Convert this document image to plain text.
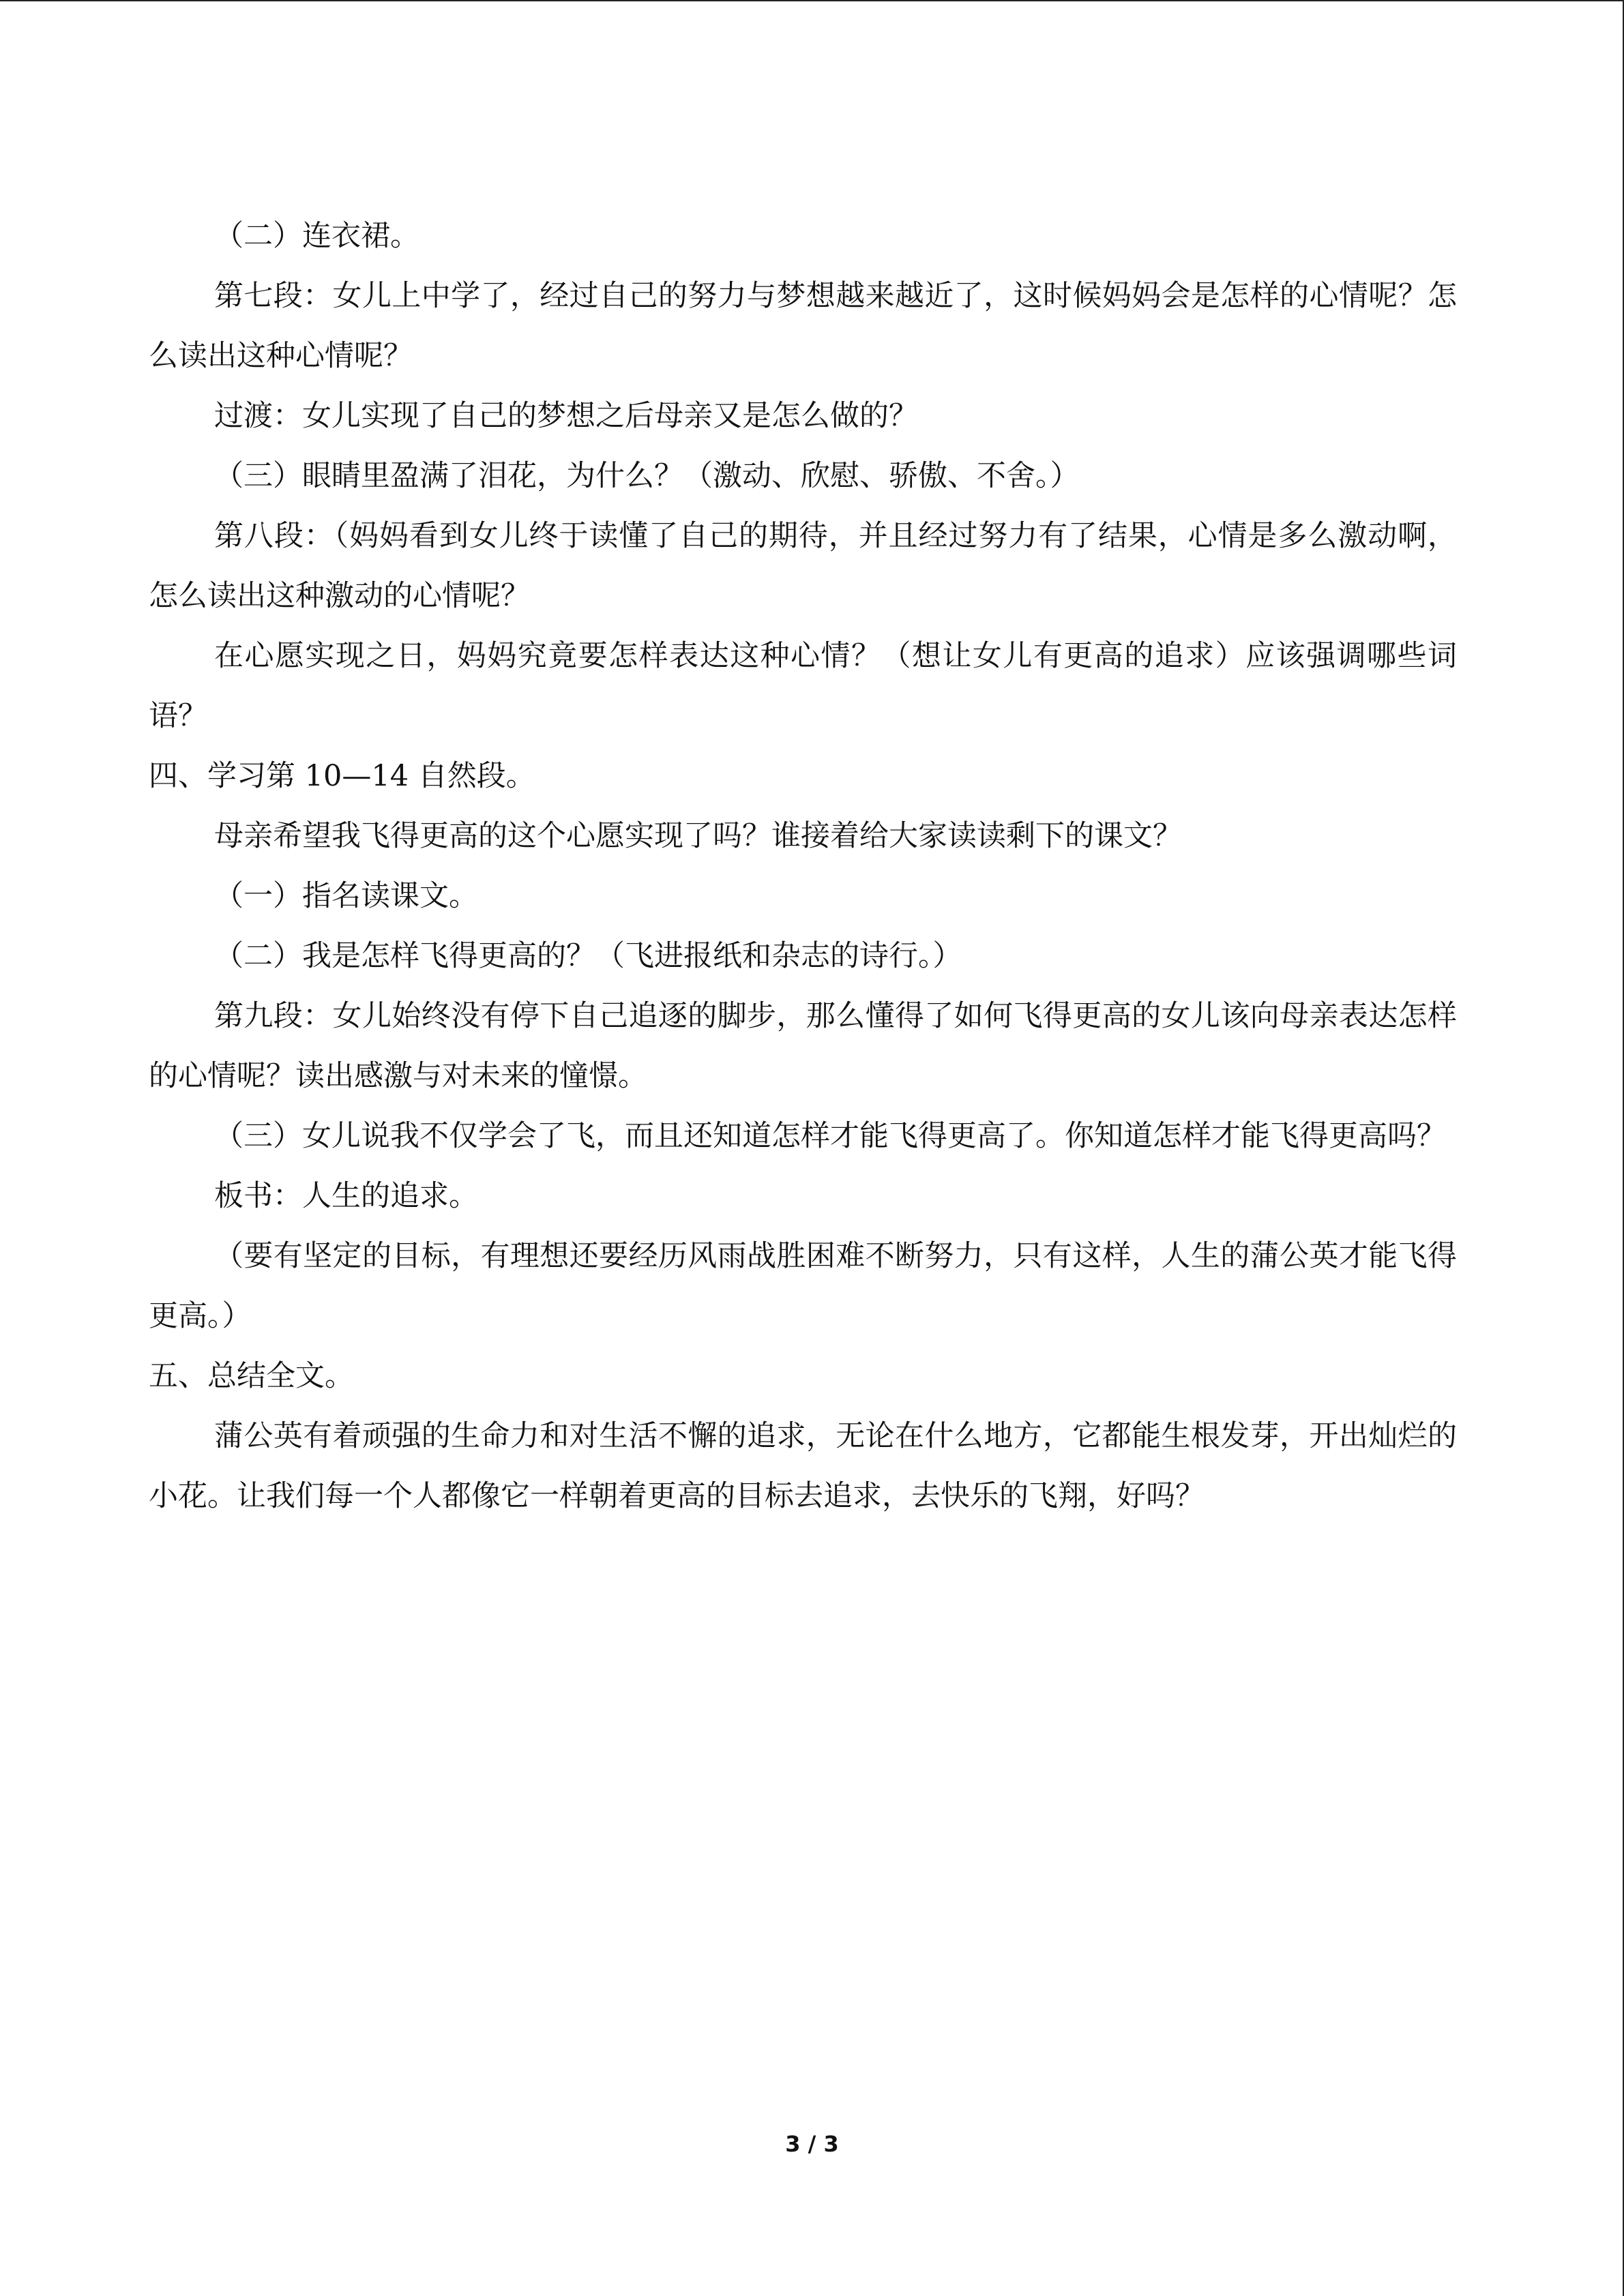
（二）连衣裙。

第七段：女儿上中学了，经过自己的努力与梦想越来越近了，这时候妈妈会是怎样的心情呢？怎么读出这种心情呢？

过渡：女儿实现了自己的梦想之后母亲又是怎么做的？

（三）眼睛里盈满了泪花，为什么？（激动、欣慰、骄傲、不舍。）

第八段：（妈妈看到女儿终于读懂了自己的期待，并且经过努力有了结果，心情是多么激动啊，怎么读出这种激动的心情呢？

在心愿实现之日，妈妈究竟要怎样表达这种心情？（想让女儿有更高的追求）应该强调哪些词语？

四、学习第 10—14 自然段。

母亲希望我飞得更高的这个心愿实现了吗？谁接着给大家读读剩下的课文？

（一）指名读课文。

（二）我是怎样飞得更高的？（飞进报纸和杂志的诗行。）

第九段：女儿始终没有停下自己追逐的脚步，那么懂得了如何飞得更高的女儿该向母亲表达怎样的心情呢？读出感激与对未来的憧憬。

（三）女儿说我不仅学会了飞，而且还知道怎样才能飞得更高了。你知道怎样才能飞得更高吗？

板书：人生的追求。

（要有坚定的目标，有理想还要经历风雨战胜困难不断努力，只有这样，人生的蒲公英才能飞得更高。）

五、总结全文。

蒲公英有着顽强的生命力和对生活不懈的追求，无论在什么地方，它都能生根发芽，开出灿烂的小花。让我们每一个人都像它一样朝着更高的目标去追求，去快乐的飞翔，好吗？

3 / 3
